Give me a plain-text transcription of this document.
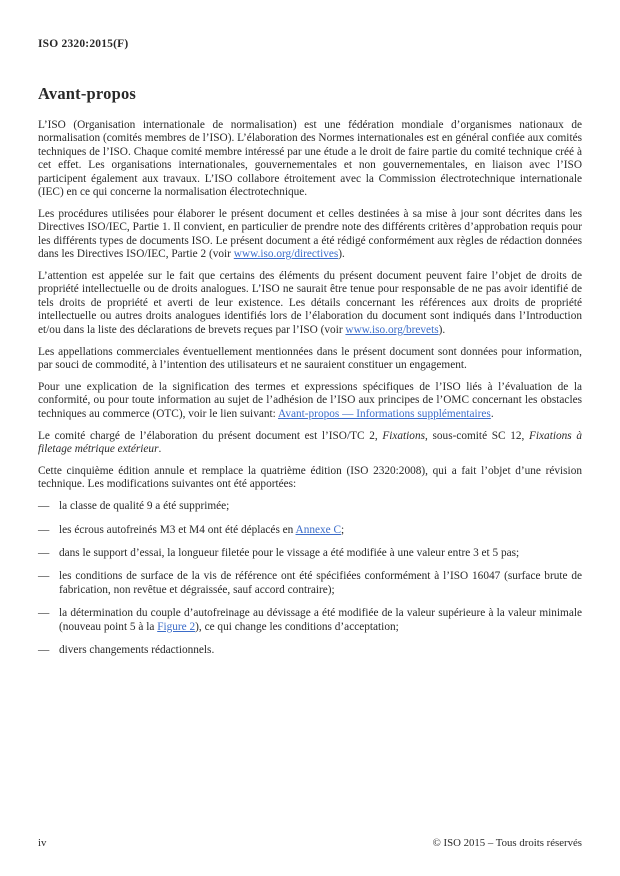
ISO 2320:2015(F)
Avant-propos

L’ISO (Organisation internationale de normalisation) est une fédération mondiale d’organismes nationaux de normalisation (comités membres de l’ISO). L’élaboration des Normes internationales est en général confiée aux comités techniques de l’ISO. Chaque comité membre intéressé par une étude a le droit de faire partie du comité technique créé à cet effet. Les organisations internationales, gouvernementales et non gouvernementales, en liaison avec l’ISO participent également aux travaux. L’ISO collabore étroitement avec la Commission électrotechnique internationale (IEC) en ce qui concerne la normalisation électrotechnique.

Les procédures utilisées pour élaborer le présent document et celles destinées à sa mise à jour sont décrites dans les Directives ISO/IEC, Partie 1. Il convient, en particulier de prendre note des différents critères d’approbation requis pour les différents types de documents ISO. Le présent document a été rédigé conformément aux règles de rédaction données dans les Directives ISO/IEC, Partie 2 (voir www.iso.org/directives).

L’attention est appelée sur le fait que certains des éléments du présent document peuvent faire l’objet de droits de propriété intellectuelle ou de droits analogues. L’ISO ne saurait être tenue pour responsable de ne pas avoir identifié de tels droits de propriété et averti de leur existence. Les détails concernant les références aux droits de propriété intellectuelle ou autres droits analogues identifiés lors de l’élaboration du document sont indiqués dans l’Introduction et/ou dans la liste des déclarations de brevets reçues par l’ISO (voir www.iso.org/brevets).

Les appellations commerciales éventuellement mentionnées dans le présent document sont données pour information, par souci de commodité, à l’intention des utilisateurs et ne sauraient constituer un engagement.

Pour une explication de la signification des termes et expressions spécifiques de l’ISO liés à l’évaluation de la conformité, ou pour toute information au sujet de l’adhésion de l’ISO aux principes de l’OMC concernant les obstacles techniques au commerce (OTC), voir le lien suivant: Avant-propos — Informations supplémentaires.

Le comité chargé de l’élaboration du présent document est l’ISO/TC 2, Fixations, sous-comité SC 12, Fixations à filetage métrique extérieur.

Cette cinquième édition annule et remplace la quatrième édition (ISO 2320:2008), qui a fait l’objet d’une révision technique. Les modifications suivantes ont été apportées:

— la classe de qualité 9 a été supprimée;
— les écrous autofreinés M3 et M4 ont été déplacés en Annexe C;
— dans le support d’essai, la longueur filetée pour le vissage a été modifiée à une valeur entre 3 et 5 pas;
— les conditions de surface de la vis de référence ont été spécifiées conformément à l’ISO 16047 (surface brute de fabrication, non revêtue et dégraissée, sauf accord contraire);
— la détermination du couple d’autofreinage au dévissage a été modifiée de la valeur supérieure à la valeur minimale (nouveau point 5 à la Figure 2), ce qui change les conditions d’acceptation;
— divers changements rédactionnels.
iv	© ISO 2015 – Tous droits réservés
